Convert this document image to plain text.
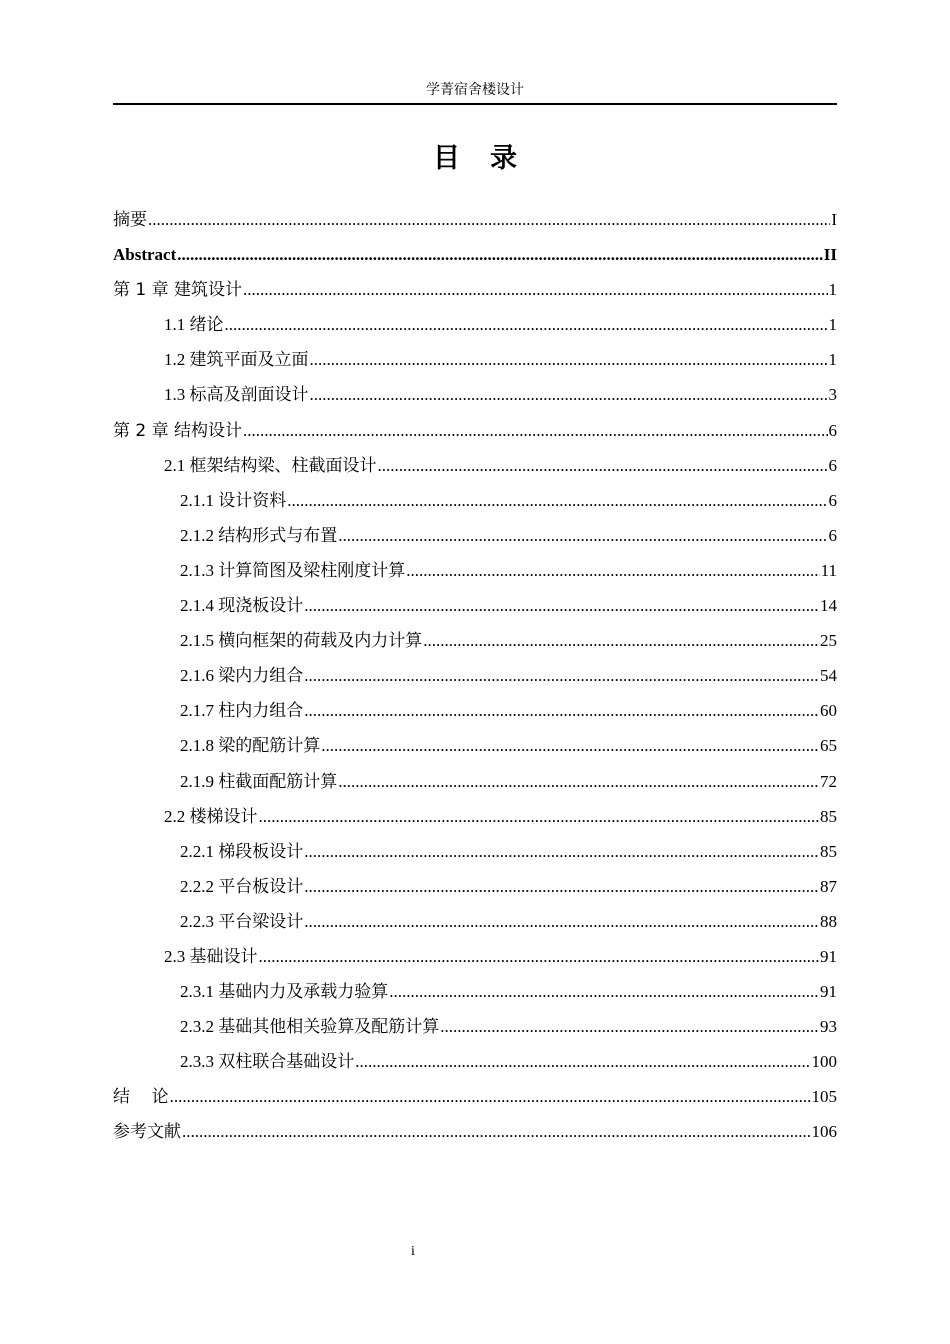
学菁宿舍楼设计
目录
摘要 .....	I
Abstract .....	II
第 1 章 建筑设计 .....	1
1.1 绪论 .....	1
1.2 建筑平面及立面 .....	1
1.3 标高及剖面设计 .....	3
第 2 章 结构设计 .....	6
2.1 框架结构梁、柱截面设计 .....	6
2.1.1 设计资料 .....	6
2.1.2 结构形式与布置 .....	6
2.1.3 计算简图及梁柱刚度计算 .....	11
2.1.4 现浇板设计 .....	14
2.1.5 横向框架的荷载及内力计算 .....	25
2.1.6 梁内力组合 .....	54
2.1.7 柱内力组合 .....	60
2.1.8 梁的配筋计算 .....	65
2.1.9 柱截面配筋计算 .....	72
2.2 楼梯设计 .....	85
2.2.1 梯段板设计 .....	85
2.2.2 平台板设计 .....	87
2.2.3 平台梁设计 .....	88
2.3 基础设计 .....	91
2.3.1 基础内力及承载力验算 .....	91
2.3.2 基础其他相关验算及配筋计算 .....	93
2.3.3 双柱联合基础设计 .....	100
结    论 .....	105
参考文献 .....	106
i
